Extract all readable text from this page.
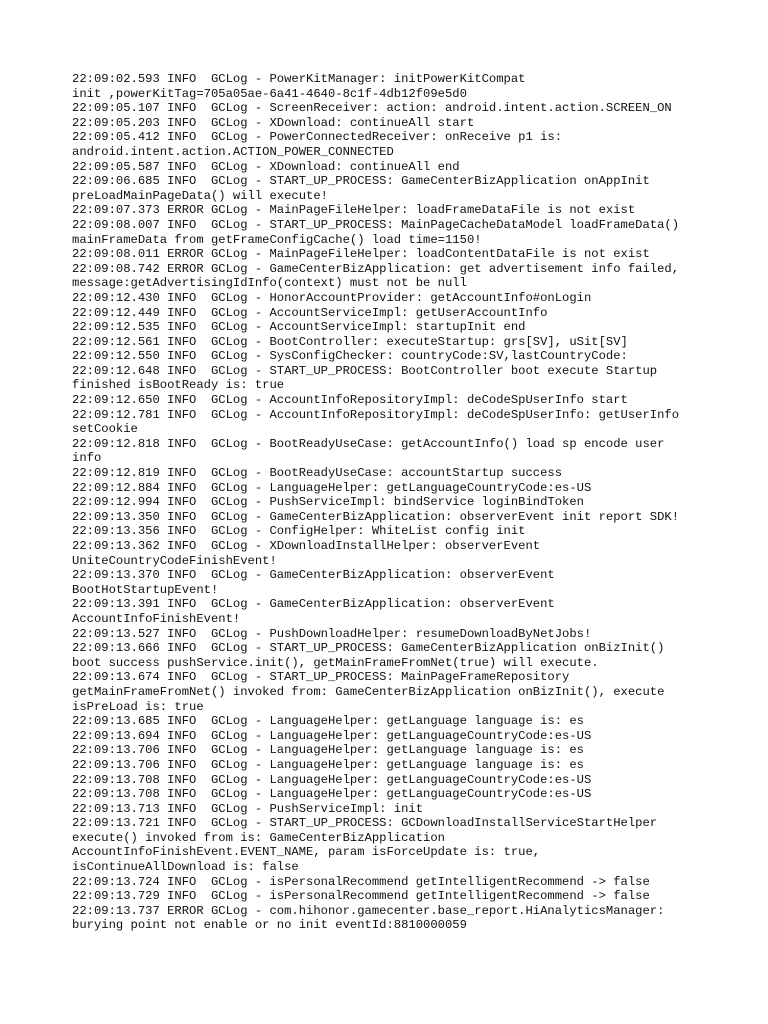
22:09:02.593 INFO  GCLog - PowerKitManager: initPowerKitCompat
init ,powerKitTag=705a05ae-6a41-4640-8c1f-4db12f09e5d0
22:09:05.107 INFO  GCLog - ScreenReceiver: action: android.intent.action.SCREEN_ON
22:09:05.203 INFO  GCLog - XDownload: continueAll start
22:09:05.412 INFO  GCLog - PowerConnectedReceiver: onReceive p1 is:
android.intent.action.ACTION_POWER_CONNECTED
22:09:05.587 INFO  GCLog - XDownload: continueAll end
22:09:06.685 INFO  GCLog - START_UP_PROCESS: GameCenterBizApplication onAppInit
preLoadMainPageData() will execute!
22:09:07.373 ERROR GCLog - MainPageFileHelper: loadFrameDataFile is not exist
22:09:08.007 INFO  GCLog - START_UP_PROCESS: MainPageCacheDataModel loadFrameData()
mainFrameData from getFrameConfigCache() load time=1150!
22:09:08.011 ERROR GCLog - MainPageFileHelper: loadContentDataFile is not exist
22:09:08.742 ERROR GCLog - GameCenterBizApplication: get advertisement info failed,
message:getAdvertisingIdInfo(context) must not be null
22:09:12.430 INFO  GCLog - HonorAccountProvider: getAccountInfo#onLogin
22:09:12.449 INFO  GCLog - AccountServiceImpl: getUserAccountInfo
22:09:12.535 INFO  GCLog - AccountServiceImpl: startupInit end
22:09:12.561 INFO  GCLog - BootController: executeStartup: grs[SV], uSit[SV]
22:09:12.550 INFO  GCLog - SysConfigChecker: countryCode:SV,lastCountryCode:
22:09:12.648 INFO  GCLog - START_UP_PROCESS: BootController boot execute Startup
finished isBootReady is: true
22:09:12.650 INFO  GCLog - AccountInfoRepositoryImpl: deCodeSpUserInfo start
22:09:12.781 INFO  GCLog - AccountInfoRepositoryImpl: deCodeSpUserInfo: getUserInfo
setCookie
22:09:12.818 INFO  GCLog - BootReadyUseCase: getAccountInfo() load sp encode user
info
22:09:12.819 INFO  GCLog - BootReadyUseCase: accountStartup success
22:09:12.884 INFO  GCLog - LanguageHelper: getLanguageCountryCode:es-US
22:09:12.994 INFO  GCLog - PushServiceImpl: bindService loginBindToken
22:09:13.350 INFO  GCLog - GameCenterBizApplication: observerEvent init report SDK!
22:09:13.356 INFO  GCLog - ConfigHelper: WhiteList config init
22:09:13.362 INFO  GCLog - XDownloadInstallHelper: observerEvent
UniteCountryCodeFinishEvent!
22:09:13.370 INFO  GCLog - GameCenterBizApplication: observerEvent
BootHotStartupEvent!
22:09:13.391 INFO  GCLog - GameCenterBizApplication: observerEvent
AccountInfoFinishEvent!
22:09:13.527 INFO  GCLog - PushDownloadHelper: resumeDownloadByNetJobs!
22:09:13.666 INFO  GCLog - START_UP_PROCESS: GameCenterBizApplication onBizInit()
boot success pushService.init(), getMainFrameFromNet(true) will execute.
22:09:13.674 INFO  GCLog - START_UP_PROCESS: MainPageFrameRepository
getMainFrameFromNet() invoked from: GameCenterBizApplication onBizInit(), execute
isPreLoad is: true
22:09:13.685 INFO  GCLog - LanguageHelper: getLanguage language is: es
22:09:13.694 INFO  GCLog - LanguageHelper: getLanguageCountryCode:es-US
22:09:13.706 INFO  GCLog - LanguageHelper: getLanguage language is: es
22:09:13.706 INFO  GCLog - LanguageHelper: getLanguage language is: es
22:09:13.708 INFO  GCLog - LanguageHelper: getLanguageCountryCode:es-US
22:09:13.708 INFO  GCLog - LanguageHelper: getLanguageCountryCode:es-US
22:09:13.713 INFO  GCLog - PushServiceImpl: init
22:09:13.721 INFO  GCLog - START_UP_PROCESS: GCDownloadInstallServiceStartHelper
execute() invoked from is: GameCenterBizApplication
AccountInfoFinishEvent.EVENT_NAME, param isForceUpdate is: true,
isContinueAllDownload is: false
22:09:13.724 INFO  GCLog - isPersonalRecommend getIntelligentRecommend -> false
22:09:13.729 INFO  GCLog - isPersonalRecommend getIntelligentRecommend -> false
22:09:13.737 ERROR GCLog - com.hihonor.gamecenter.base_report.HiAnalyticsManager:
burying point not enable or no init eventId:8810000059
